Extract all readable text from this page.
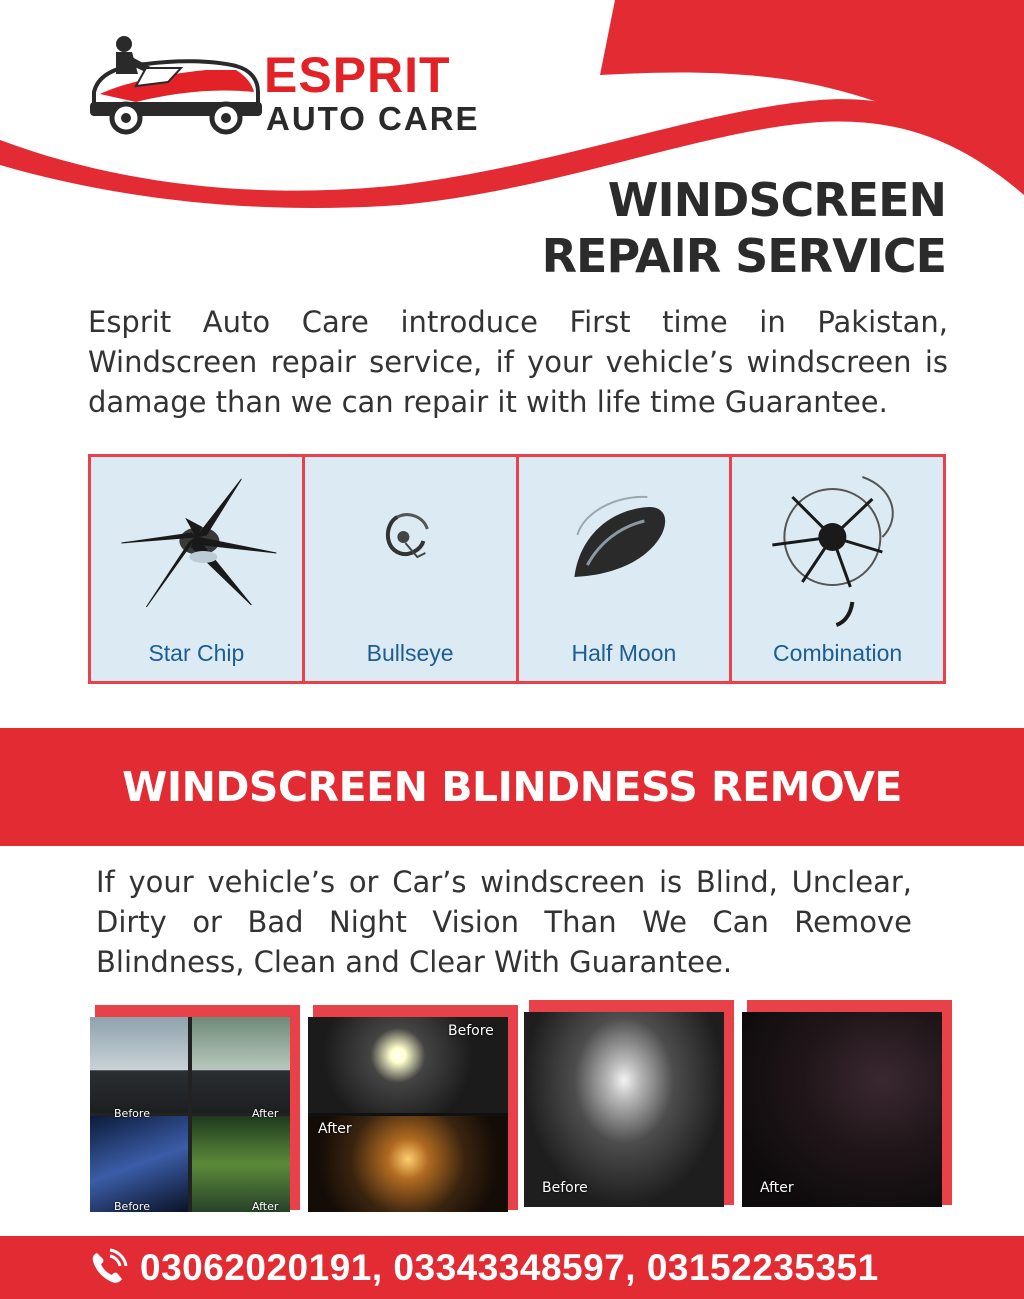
ESPRIT
AUTO CARE
WINDSCREEN
REPAIR SERVICE
Esprit Auto Care introduce First time in Pakistan, Windscreen repair service, if your vehicle’s windscreen is damage than we can repair it with life time Guarantee.
Star Chip	Bullseye	Half Moon	Combination
WINDSCREEN BLINDNESS REMOVE
If your vehicle’s or Car’s windscreen is Blind, Unclear, Dirty or Bad Night Vision Than We Can Remove Blindness, Clean and Clear With Guarantee.
Before	After
Before	After
Before
After
Before	After
03062020191, 03343348597, 03152235351
